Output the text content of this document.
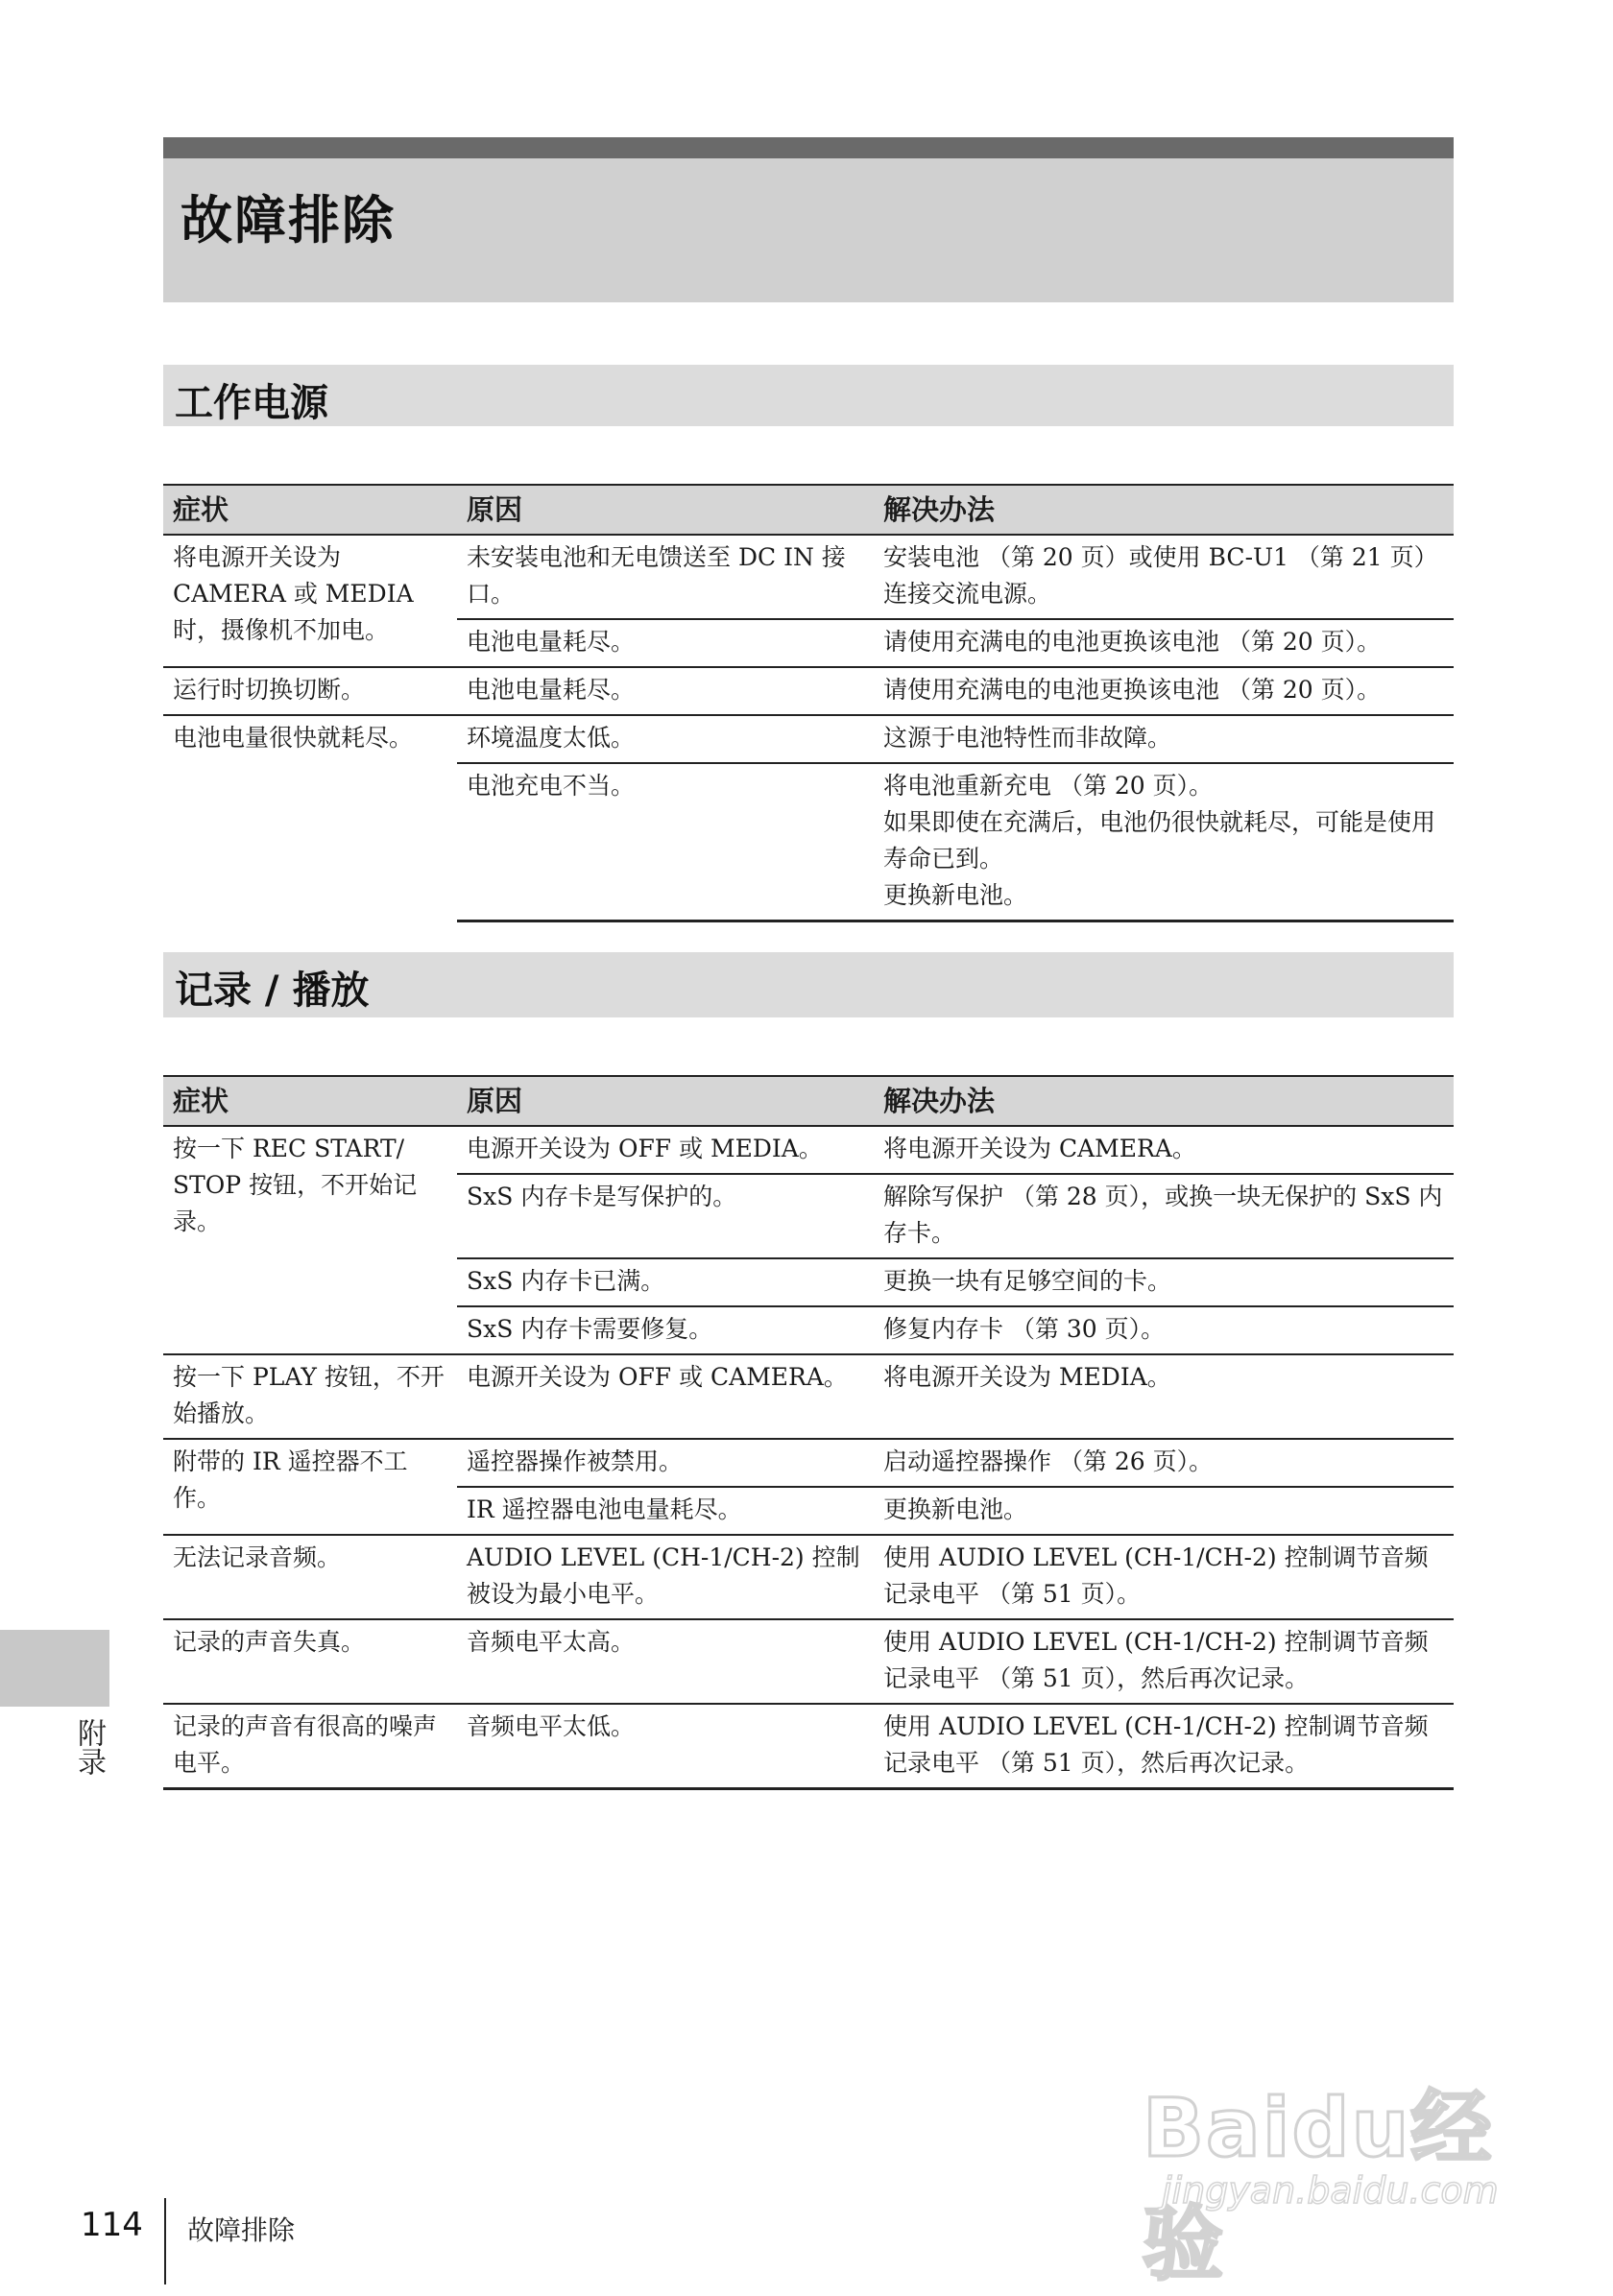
故障排除
工作电源
症状	原因	解决办法
将电源开关设为 CAMERA 或 MEDIA 时，摄像机不加电。	未安装电池和无电馈送至 DC IN 接口。	安装电池 （第 20 页）或使用 BC-U1 （第 21 页）连接交流电源。
	电池电量耗尽。	请使用充满电的电池更换该电池 （第 20 页）。
运行时切换切断。	电池电量耗尽。	请使用充满电的电池更换该电池 （第 20 页）。
电池电量很快就耗尽。	环境温度太低。	这源于电池特性而非故障。
	电池充电不当。	将电池重新充电 （第 20 页）。
如果即使在充满后，电池仍很快就耗尽，可能是使用寿命已到。
更换新电池。
记录 / 播放
症状	原因	解决办法
按一下 REC START/ STOP 按钮，不开始记录。	电源开关设为 OFF 或 MEDIA。	将电源开关设为 CAMERA。
	SxS 内存卡是写保护的。	解除写保护 （第 28 页），或换一块无保护的 SxS 内存卡。
	SxS 内存卡已满。	更换一块有足够空间的卡。
	SxS 内存卡需要修复。	修复内存卡 （第 30 页）。
按一下 PLAY 按钮，不开始播放。	电源开关设为 OFF 或 CAMERA。	将电源开关设为 MEDIA。
附带的 IR 遥控器不工作。	遥控器操作被禁用。	启动遥控器操作 （第 26 页）。
	IR 遥控器电池电量耗尽。	更换新电池。
无法记录音频。	AUDIO LEVEL (CH-1/CH-2) 控制被设为最小电平。	使用 AUDIO LEVEL (CH-1/CH-2) 控制调节音频记录电平 （第 51 页）。
记录的声音失真。	音频电平太高。	使用 AUDIO LEVEL (CH-1/CH-2) 控制调节音频记录电平 （第 51 页），然后再次记录。
记录的声音有很高的噪声电平。	音频电平太低。	使用 AUDIO LEVEL (CH-1/CH-2) 控制调节音频记录电平 （第 51 页），然后再次记录。
附录
114 故障排除
Baidu经验
jingyan.baidu.com
